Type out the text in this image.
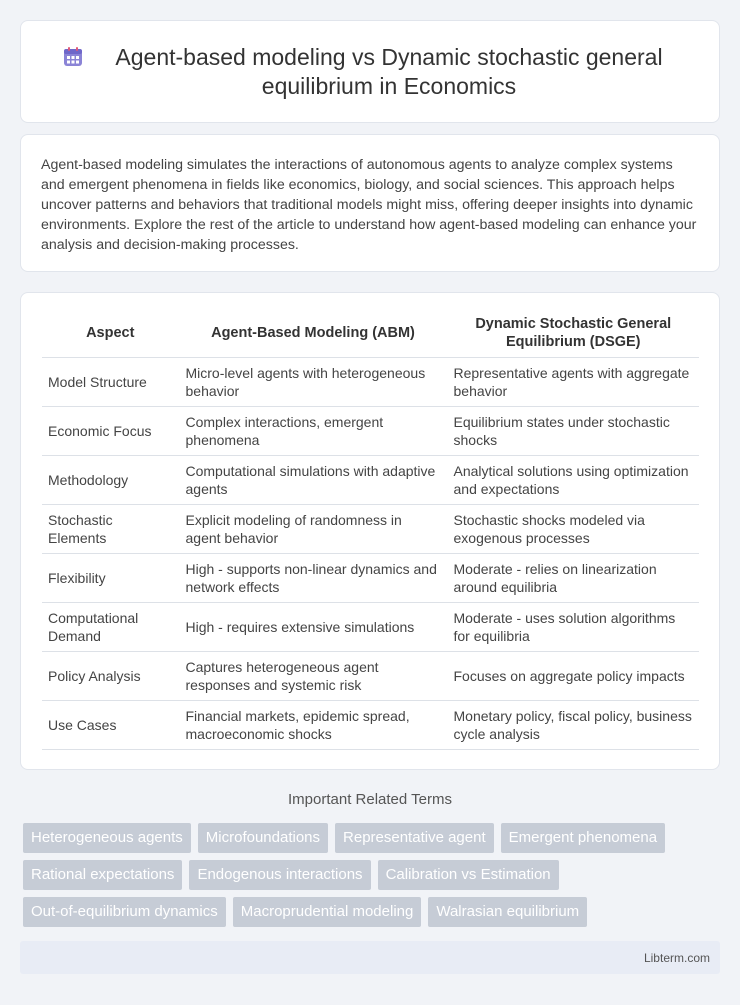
Agent-based modeling vs Dynamic stochastic general equilibrium in Economics

Agent-based modeling simulates the interactions of autonomous agents to analyze complex systems and emergent phenomena in fields like economics, biology, and social sciences. This approach helps uncover patterns and behaviors that traditional models might miss, offering deeper insights into dynamic environments. Explore the rest of the article to understand how agent-based modeling can enhance your analysis and decision-making processes.

Aspect	Agent-Based Modeling (ABM)	Dynamic Stochastic General Equilibrium (DSGE)
Model Structure	Micro-level agents with heterogeneous behavior	Representative agents with aggregate behavior
Economic Focus	Complex interactions, emergent phenomena	Equilibrium states under stochastic shocks
Methodology	Computational simulations with adaptive agents	Analytical solutions using optimization and expectations
Stochastic Elements	Explicit modeling of randomness in agent behavior	Stochastic shocks modeled via exogenous processes
Flexibility	High - supports non-linear dynamics and network effects	Moderate - relies on linearization around equilibria
Computational Demand	High - requires extensive simulations	Moderate - uses solution algorithms for equilibria
Policy Analysis	Captures heterogeneous agent responses and systemic risk	Focuses on aggregate policy impacts
Use Cases	Financial markets, epidemic spread, macroeconomic shocks	Monetary policy, fiscal policy, business cycle analysis
Important Related Terms
Heterogeneous agents	Microfoundations	Representative agent	Emergent phenomena
Rational expectations	Endogenous interactions	Calibration vs Estimation
Out-of-equilibrium dynamics	Macroprudential modeling	Walrasian equilibrium
Libterm.com
